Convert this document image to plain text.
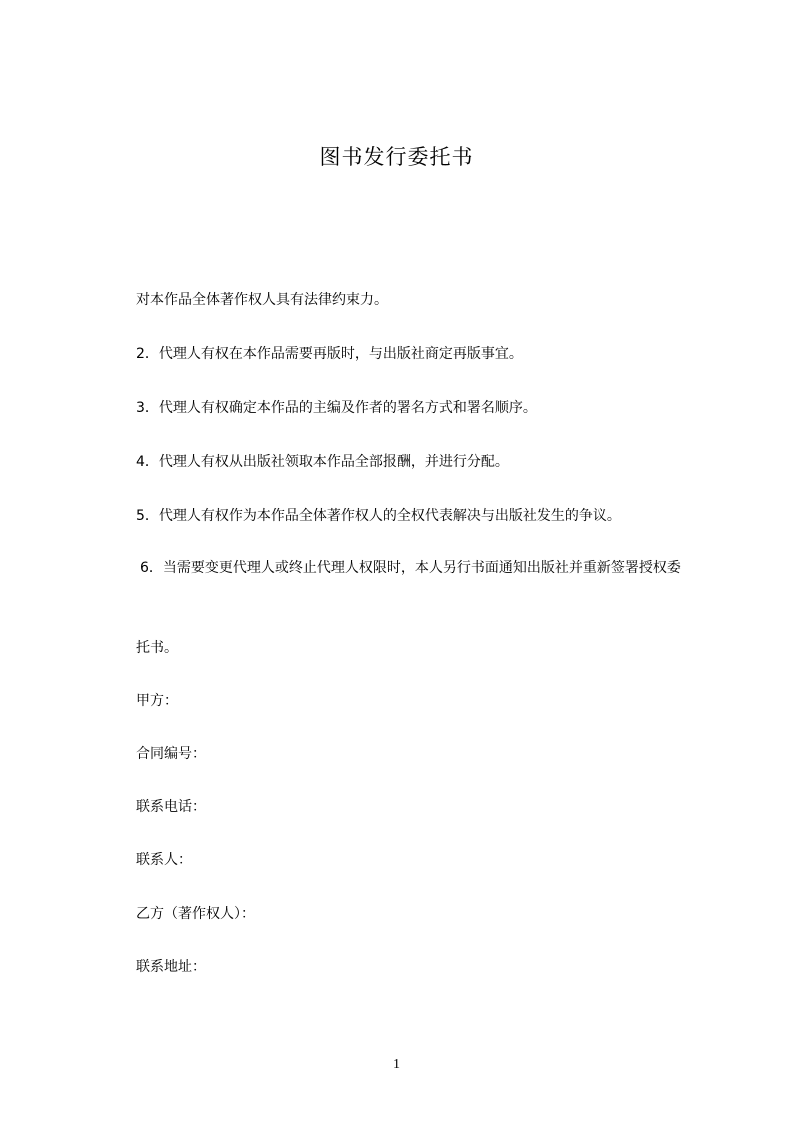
图书发行委托书
对本作品全体著作权人具有法律约束力。
2．代理人有权在本作品需要再版时，与出版社商定再版事宜。
3．代理人有权确定本作品的主编及作者的署名方式和署名顺序。
4．代理人有权从出版社领取本作品全部报酬，并进行分配。
5．代理人有权作为本作品全体著作权人的全权代表解决与出版社发生的争议。
6．当需要变更代理人或终止代理人权限时，本人另行书面通知出版社并重新签署授权委
托书。
甲方：
合同编号：
联系电话：
联系人：
乙方（著作权人）：
联系地址：
1
